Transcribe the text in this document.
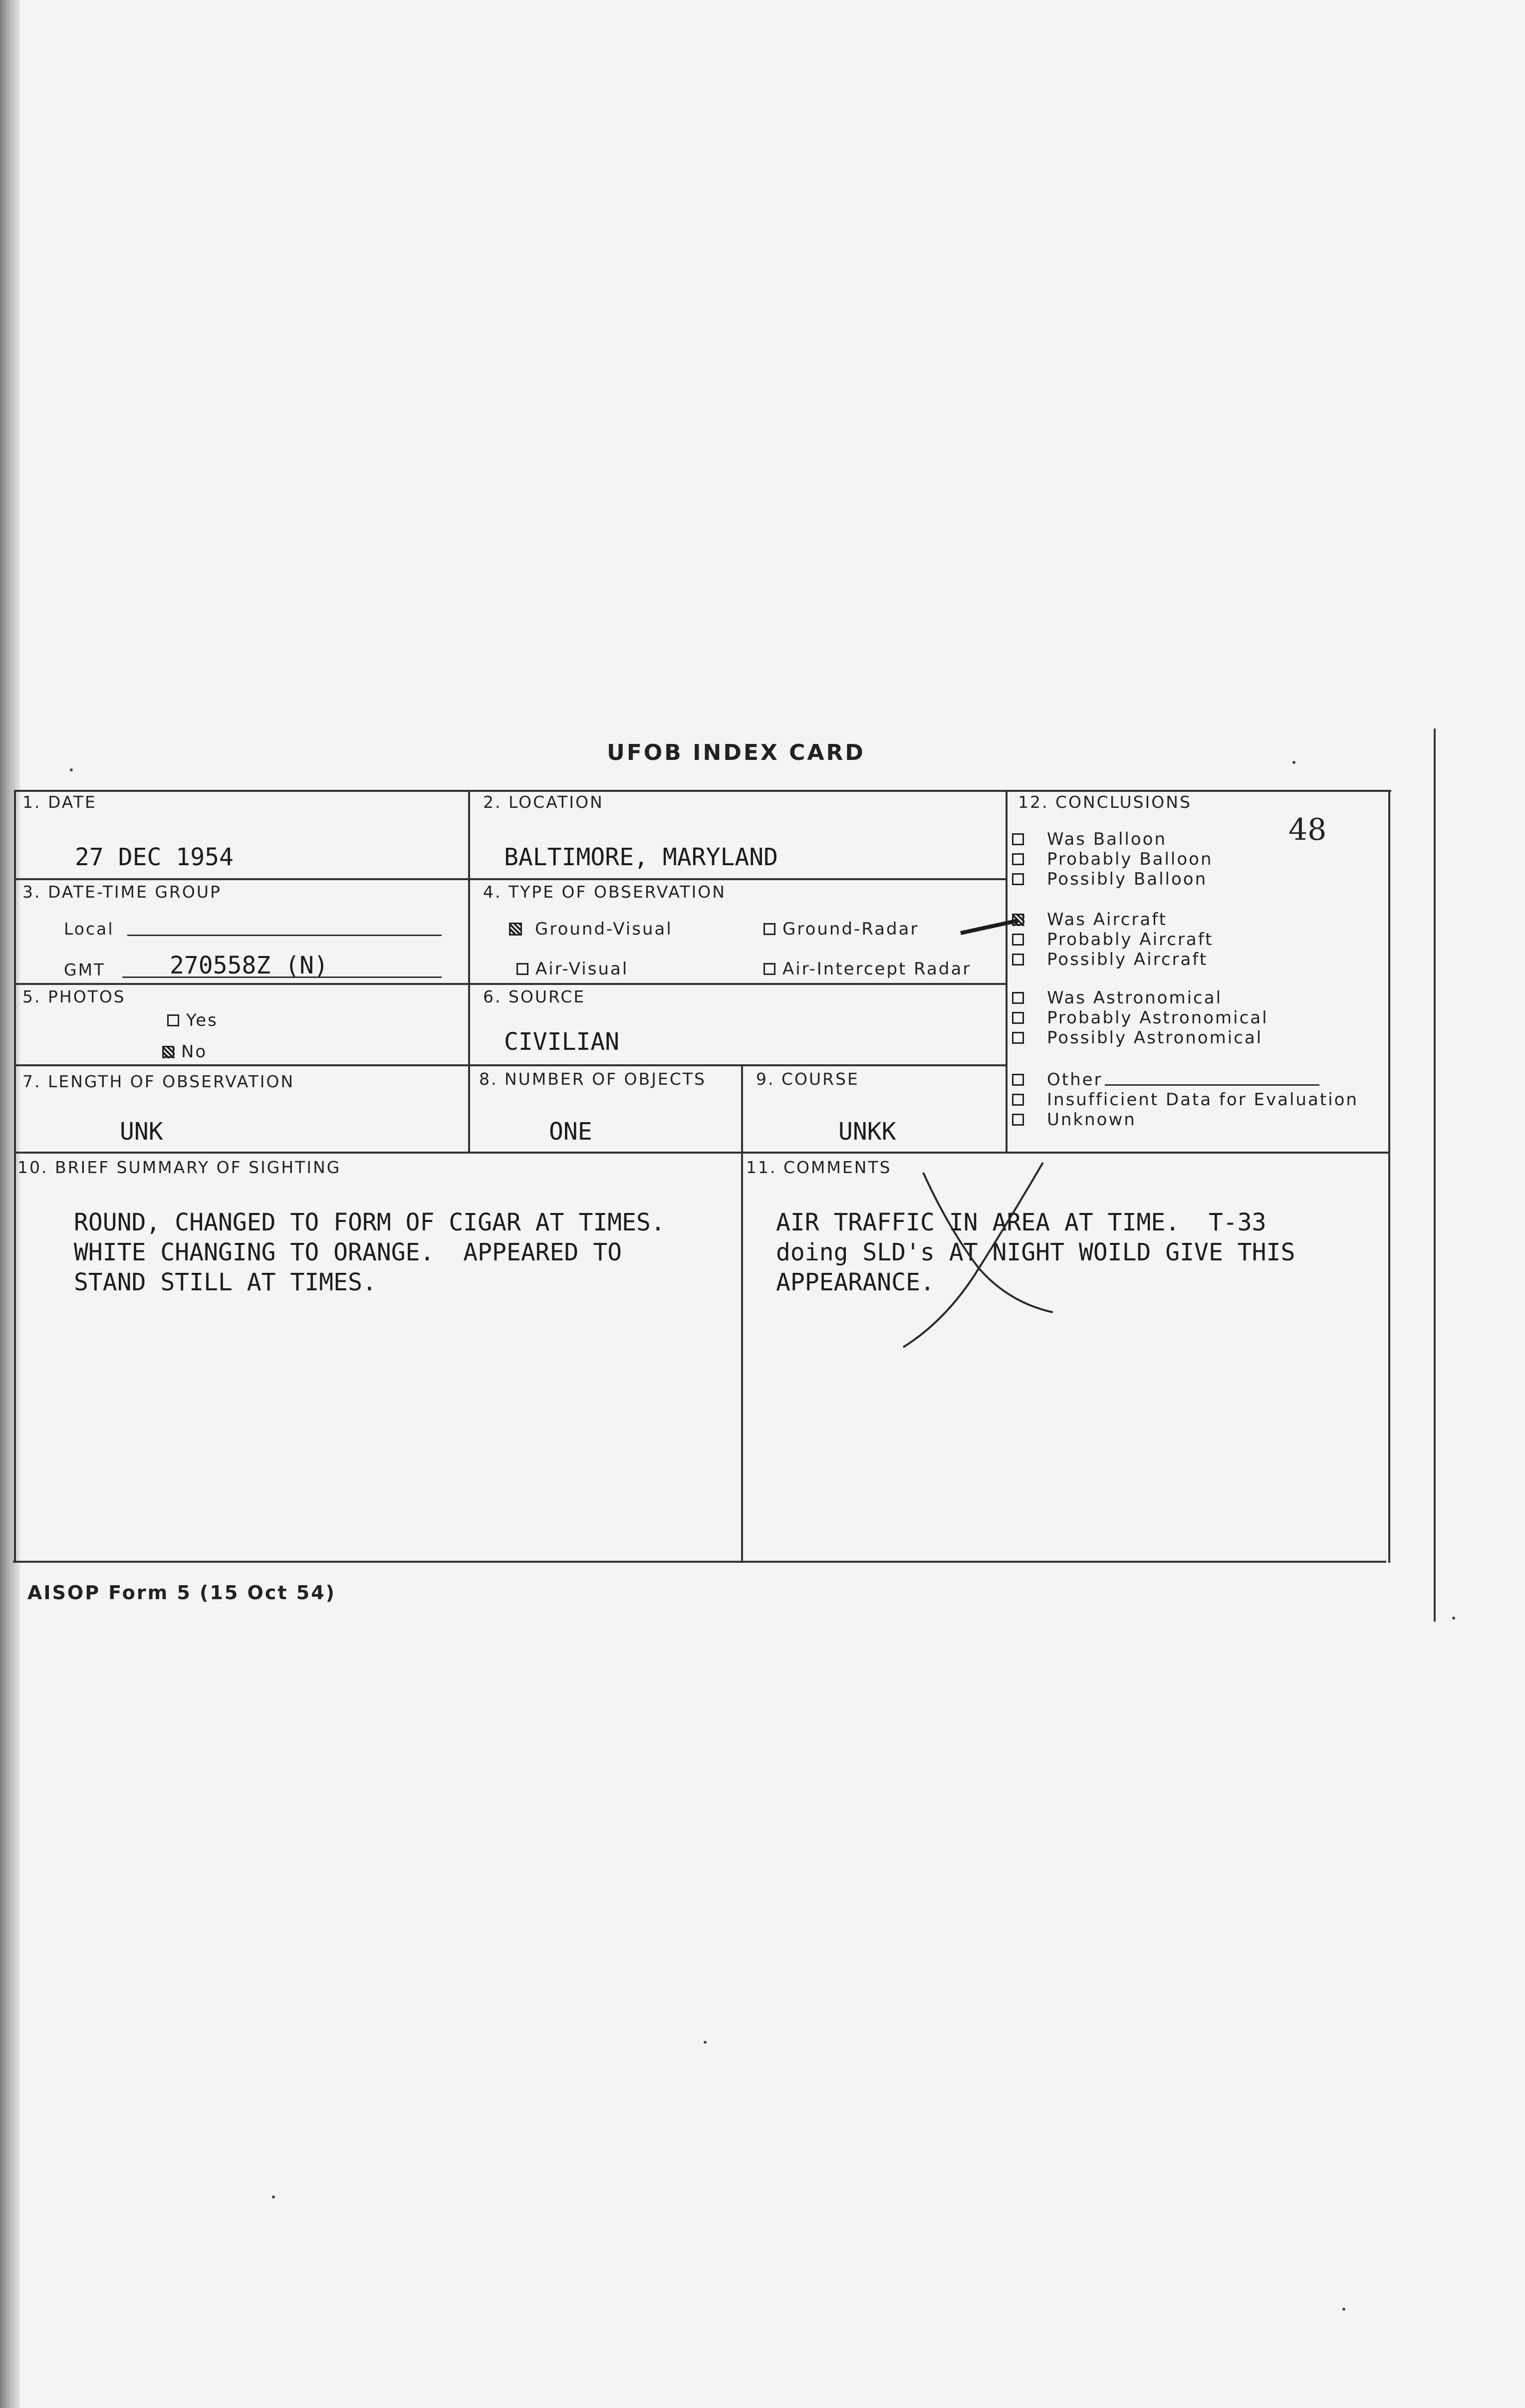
UFOB INDEX CARD
1. DATE
27 DEC 1954
2. LOCATION
BALTIMORE, MARYLAND
3. DATE-TIME GROUP
Local
GMT	270558Z (N)
4. TYPE OF OBSERVATION
Ground-Visual	Ground-Radar
Air-Visual	Air-Intercept Radar
5. PHOTOS
Yes
No
6. SOURCE
CIVILIAN
7. LENGTH OF OBSERVATION
UNK
8. NUMBER OF OBJECTS
ONE
9. COURSE
UNKK
10. BRIEF SUMMARY OF SIGHTING
ROUND, CHANGED TO FORM OF CIGAR AT TIMES.
WHITE CHANGING TO ORANGE.  APPEARED TO
STAND STILL AT TIMES.
11. COMMENTS
AIR TRAFFIC IN AREA AT TIME.  T-33
doing SLD's AT NIGHT WOILD GIVE THIS
APPEARANCE.
12. CONCLUSIONS
48
Was Balloon
Probably Balloon
Possibly Balloon
Was Aircraft
Probably Aircraft
Possibly Aircraft
Was Astronomical
Probably Astronomical
Possibly Astronomical
Other
Insufficient Data for Evaluation
Unknown
AISOP Form 5 (15 Oct 54)
